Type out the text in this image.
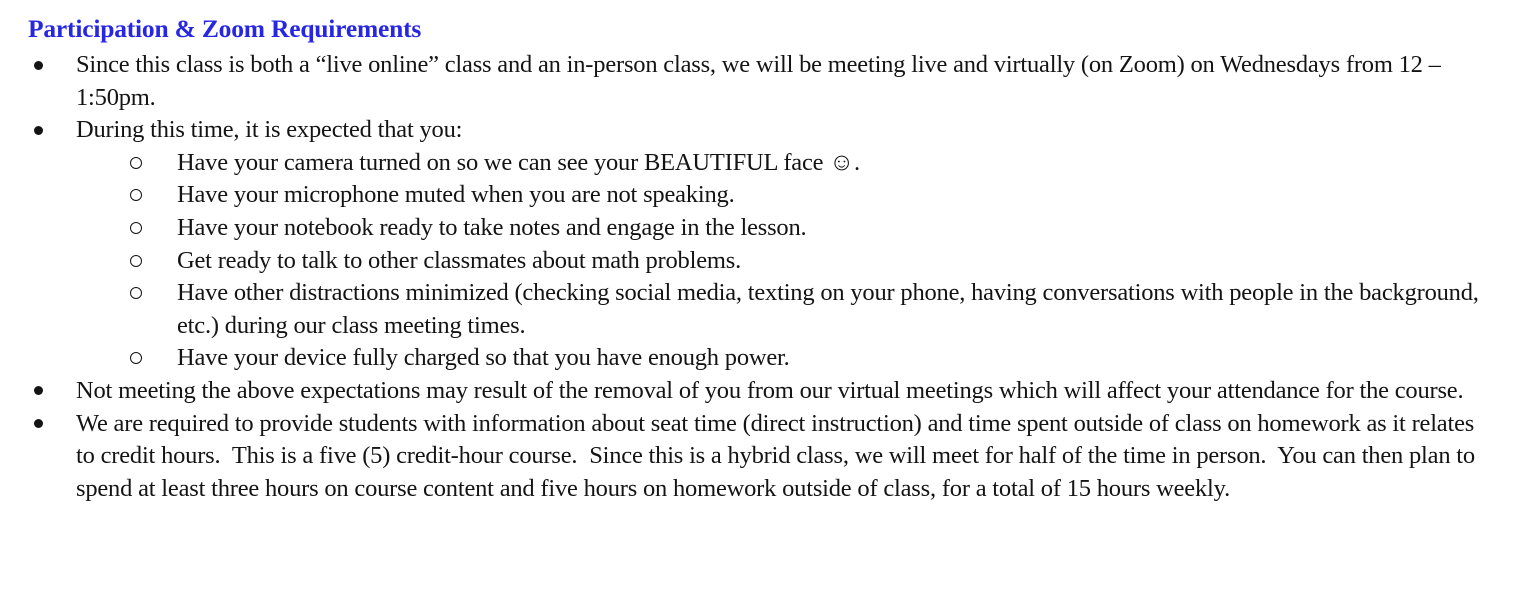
Participation & Zoom Requirements
Since this class is both a “live online” class and an in-person class, we will be meeting live and virtually (on Zoom) on Wednesdays from 12 – 1:50pm.
During this time, it is expected that you:
Have your camera turned on so we can see your BEAUTIFUL face ☺.
Have your microphone muted when you are not speaking.
Have your notebook ready to take notes and engage in the lesson.
Get ready to talk to other classmates about math problems.
Have other distractions minimized (checking social media, texting on your phone, having conversations with people in the background, etc.) during our class meeting times.
Have your device fully charged so that you have enough power.
Not meeting the above expectations may result of the removal of you from our virtual meetings which will affect your attendance for the course.
We are required to provide students with information about seat time (direct instruction) and time spent outside of class on homework as it relates to credit hours.  This is a five (5) credit-hour course.  Since this is a hybrid class, we will meet for half of the time in person.  You can then plan to spend at least three hours on course content and five hours on homework outside of class, for a total of 15 hours weekly.
